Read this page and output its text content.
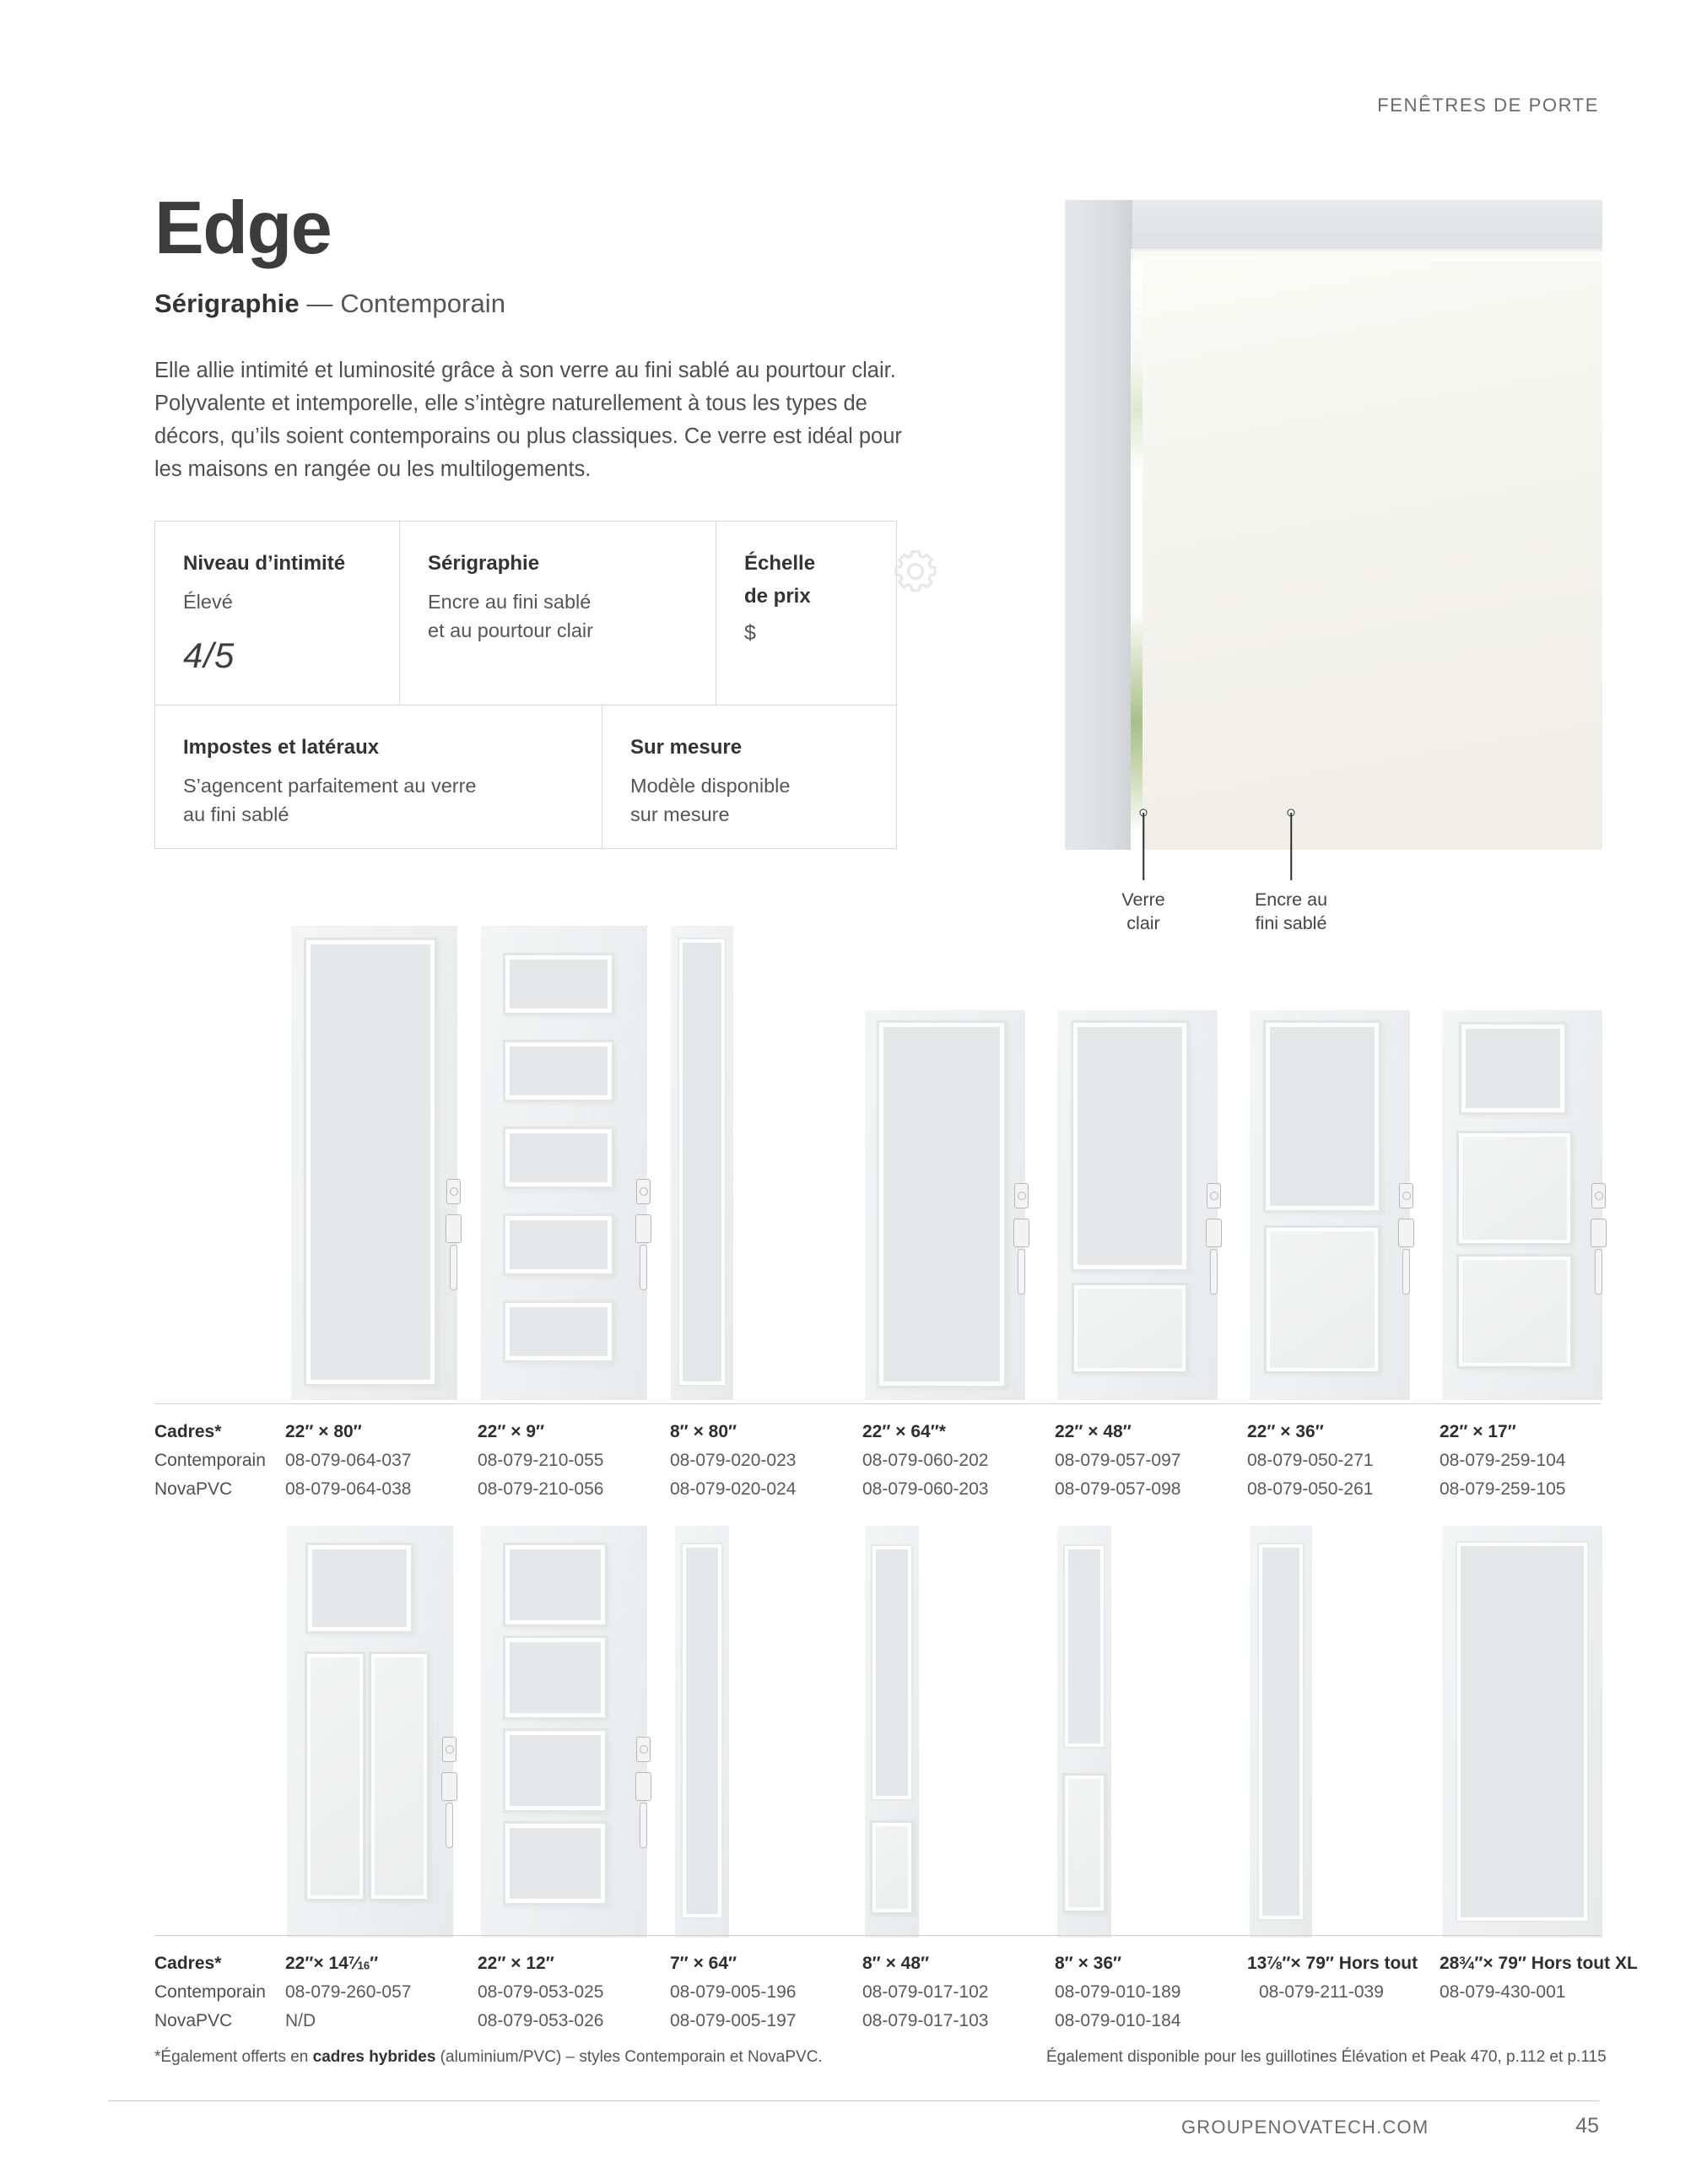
FENÊTRES DE PORTE
Edge
Sérigraphie — Contemporain

Elle allie intimité et luminosité grâce à son verre au fini sablé au pourtour clair. Polyvalente et intemporelle, elle s’intègre naturellement à tous les types de décors, qu’ils soient contemporains ou plus classiques. Ce verre est idéal pour les maisons en rangée ou les multilogements.

Niveau d’intimité
Élevé
4/5
Sérigraphie
Encre au fini sablé
et au pourtour clair
Échelle
de prix
$
Impostes et latéraux
S’agencent parfaitement au verre
au fini sablé
Sur mesure
Modèle disponible
sur mesure
Verre
clair
Encre au
fini sablé
Cadres*
Contemporain
NovaPVC
22″ × 80″
08-079-064-037
08-079-064-038
22″ × 9″
08-079-210-055
08-079-210-056
8″ × 80″
08-079-020-023
08-079-020-024
22″ × 64″*
08-079-060-202
08-079-060-203
22″ × 48″
08-079-057-097
08-079-057-098
22″ × 36″
08-079-050-271
08-079-050-261
22″ × 17″
08-079-259-104
08-079-259-105
Cadres*
Contemporain
NovaPVC
$22''\times 14^7⁄_{16}''$
08-079-260-057
N/D
22″ × 12″
08-079-053-025
08-079-053-026
7″ × 64″
08-079-005-196
08-079-005-197
8″ × 48″
08-079-017-102
08-079-017-103
8″ × 36″
08-079-010-189
08-079-010-184
$13^7⁄_8''\times 79''$ Hors tout
08-079-211-039
$28^3⁄_4''\times 79''$ Hors tout XL
08-079-430-001
*Également offerts en cadres hybrides (aluminium/PVC) – styles Contemporain et NovaPVC.	Également disponible pour les guillotines Élévation et Peak 470, p.112 et p.115
GROUPENOVATECH.COM	45
